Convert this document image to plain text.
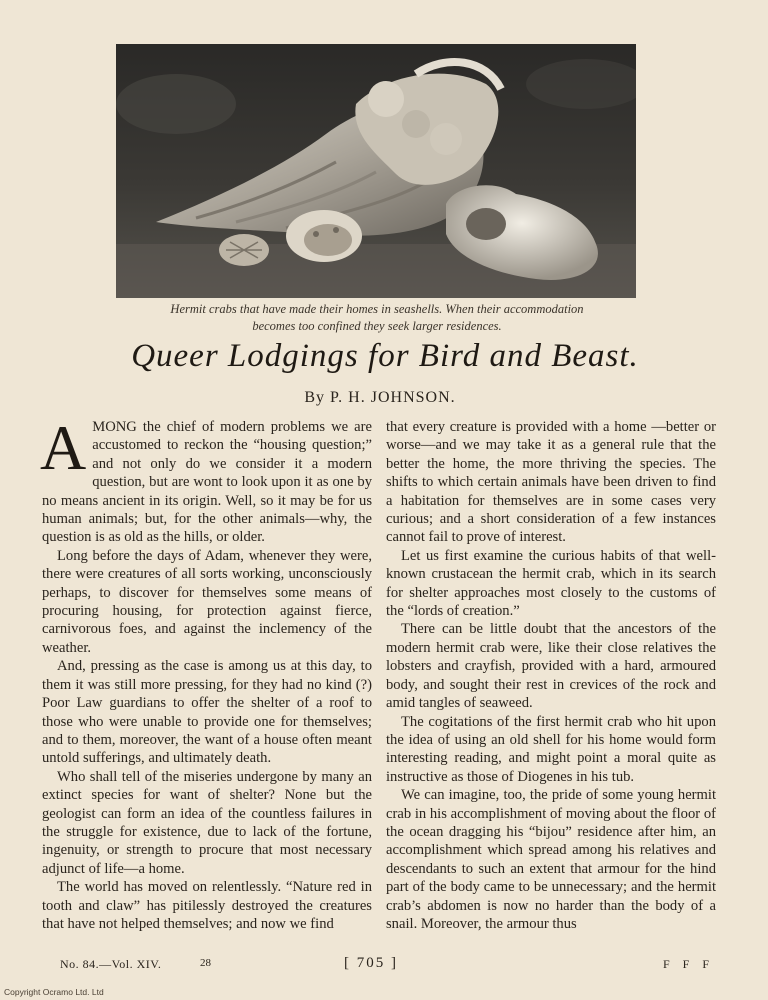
Hermit crabs that have made their homes in seashells. When their accommodation
becomes too confined they seek larger residences.
Queer Lodgings for Bird and Beast.
By P. H. JOHNSON.

AMONG the chief of modern problems we are accustomed to reckon the “housing question;” and not only do we consider it a modern question, but are wont to look upon it as one by no means ancient in its origin. Well, so it may be for us human animals; but, for the other animals—why, the question is as old as the hills, or older.

Long before the days of Adam, whenever they were, there were creatures of all sorts working, unconsciously perhaps, to discover for themselves some means of procuring housing, for protection against fierce, carnivorous foes, and against the inclemency of the weather.

And, pressing as the case is among us at this day, to them it was still more pressing, for they had no kind (?) Poor Law guardians to offer the shelter of a roof to those who were unable to provide one for themselves; and to them, moreover, the want of a house often meant untold sufferings, and ultimately death.

Who shall tell of the miseries undergone by many an extinct species for want of shelter? None but the geologist can form an idea of the countless failures in the struggle for existence, due to lack of the fortune, ingenuity, or strength to procure that most necessary adjunct of life—a home.

The world has moved on relentlessly. “Nature red in tooth and claw” has pitilessly destroyed the creatures that have not helped themselves; and now we find

that every creature is provided with a home —better or worse—and we may take it as a general rule that the better the home, the more thriving the species. The shifts to which certain animals have been driven to find a habitation for themselves are in some cases very curious; and a short consideration of a few instances cannot fail to prove of interest.

Let us first examine the curious habits of that well-known crustacean the hermit crab, which in its search for shelter approaches most closely to the customs of the “lords of creation.”

There can be little doubt that the ancestors of the modern hermit crab were, like their close relatives the lobsters and crayfish, provided with a hard, armoured body, and sought their rest in crevices of the rock and amid tangles of seaweed.

The cogitations of the first hermit crab who hit upon the idea of using an old shell for his home would form interesting reading, and might point a moral quite as instructive as those of Diogenes in his tub.

We can imagine, too, the pride of some young hermit crab in his accomplishment of moving about the floor of the ocean dragging his “bijou” residence after him, an accomplishment which spread among his relatives and descendants to such an extent that armour for the hind part of the body came to be unnecessary; and the hermit crab’s abdomen is now no harder than the body of a snail. Moreover, the armour thus

No. 84.—Vol. XIV.	28	[ 705 ]	F F F
Copyright Ocramo Ltd. Ltd
